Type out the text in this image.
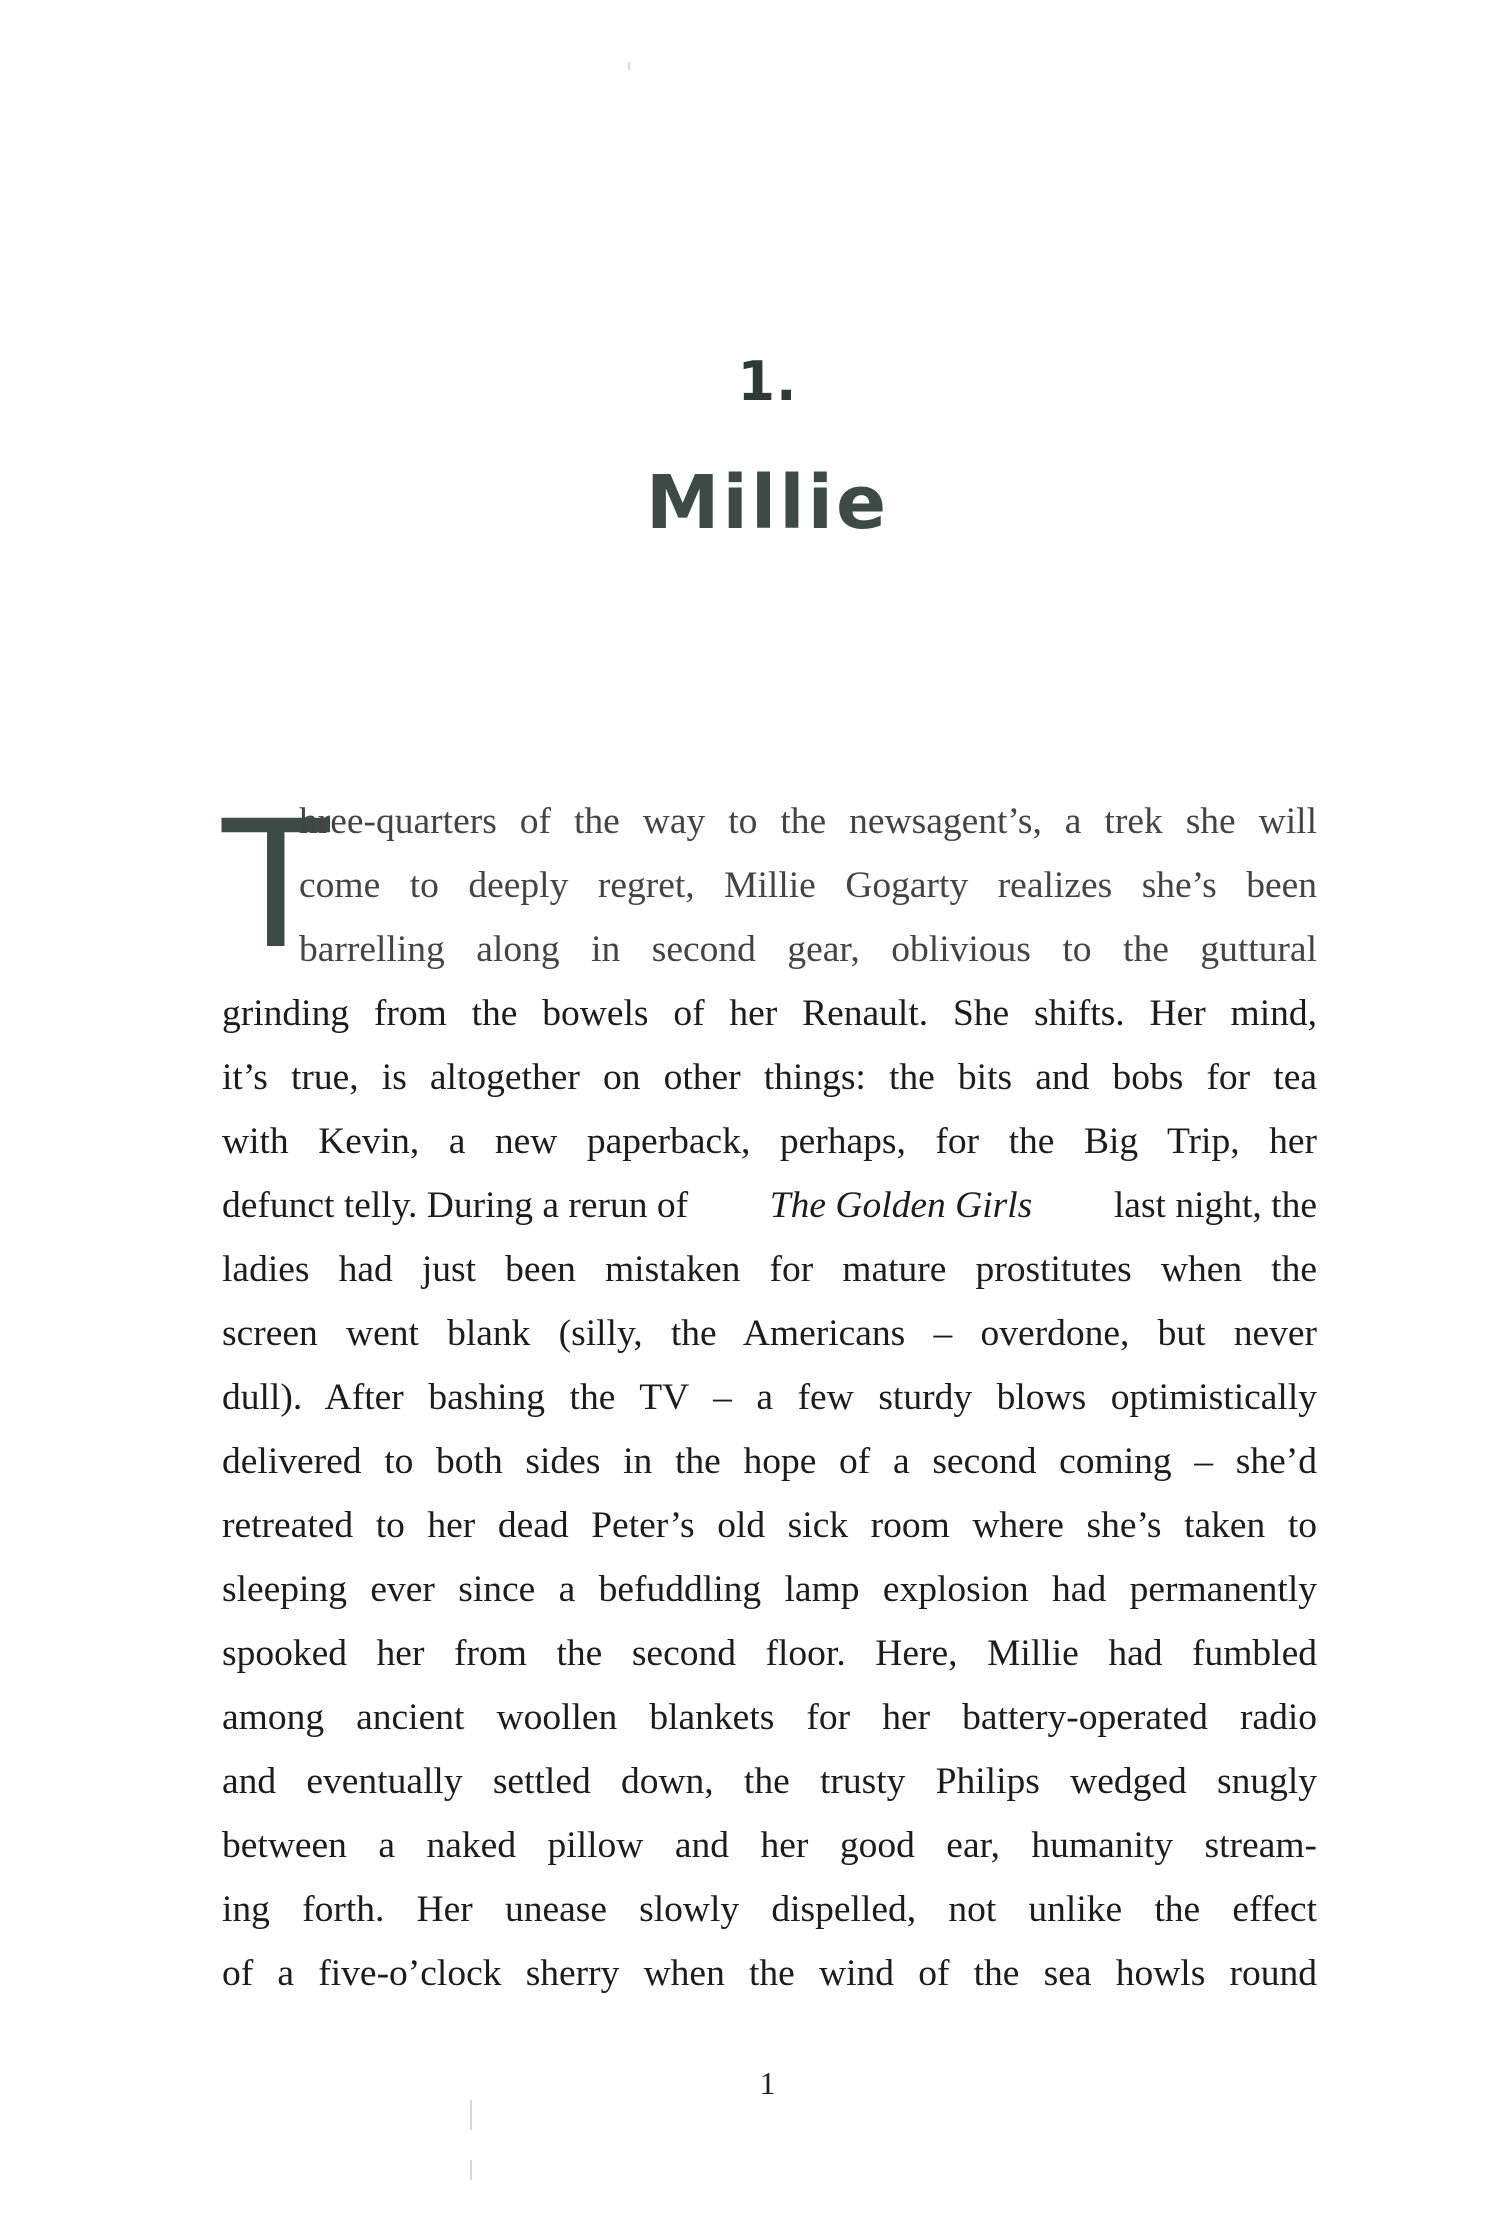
1.
Millie
T
hree-quarters of the way to the newsagent’s, a trek she will
come to deeply regret, Millie Gogarty realizes she’s been
barrelling along in second gear, oblivious to the guttural
grinding from the bowels of her Renault. She shifts. Her mind,
it’s true, is altogether on other things: the bits and bobs for tea
with Kevin, a new paperback, perhaps, for the Big Trip, her
defunct telly. During a rerun of The Golden Girls last night, the
ladies had just been mistaken for mature prostitutes when the
screen went blank (silly, the Americans – overdone, but never
dull). After bashing the TV – a few sturdy blows optimistically
delivered to both sides in the hope of a second coming – she’d
retreated to her dead Peter’s old sick room where she’s taken to
sleeping ever since a befuddling lamp explosion had permanently
spooked her from the second floor. Here, Millie had fumbled
among ancient woollen blankets for her battery-operated radio
and eventually settled down, the trusty Philips wedged snugly
between a naked pillow and her good ear, humanity stream-
ing forth. Her unease slowly dispelled, not unlike the effect
of a five-o’clock sherry when the wind of the sea howls round
1
